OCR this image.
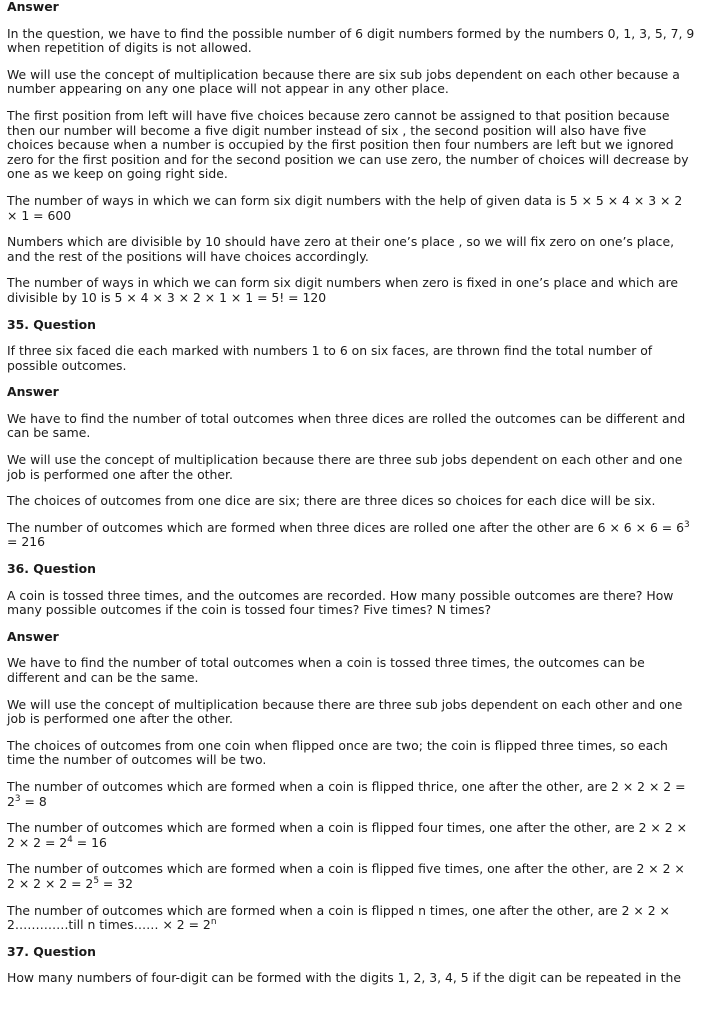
Answer
In the question, we have to find the possible number of 6 digit numbers formed by the numbers 0, 1, 3, 5, 7, 9 when repetition of digits is not allowed.
We will use the concept of multiplication because there are six sub jobs dependent on each other because a number appearing on any one place will not appear in any other place.
The first position from left will have five choices because zero cannot be assigned to that position because then our number will become a five digit number instead of six , the second position will also have five choices because when a number is occupied by the first position then four numbers are left but we ignored zero for the first position and for the second position we can use zero, the number of choices will decrease by one as we keep on going right side.
The number of ways in which we can form six digit numbers with the help of given data is 5 × 5 × 4 × 3 × 2 × 1 = 600
Numbers which are divisible by 10 should have zero at their one’s place , so we will fix zero on one’s place, and the rest of the positions will have choices accordingly.
The number of ways in which we can form six digit numbers when zero is fixed in one’s place and which are divisible by 10 is 5 × 4 × 3 × 2 × 1 × 1 = 5! = 120
35. Question
If three six faced die each marked with numbers 1 to 6 on six faces, are thrown find the total number of possible outcomes.
Answer
We have to find the number of total outcomes when three dices are rolled the outcomes can be different and can be same.
We will use the concept of multiplication because there are three sub jobs dependent on each other and one job is performed one after the other.
The choices of outcomes from one dice are six; there are three dices so choices for each dice will be six.
The number of outcomes which are formed when three dices are rolled one after the other are $6 \times 6 \times 6 = 6^3 = 216$
36. Question
A coin is tossed three times, and the outcomes are recorded. How many possible outcomes are there? How many possible outcomes if the coin is tossed four times? Five times? N times?
Answer
We have to find the number of total outcomes when a coin is tossed three times, the outcomes can be different and can be the same.
We will use the concept of multiplication because there are three sub jobs dependent on each other and one job is performed one after the other.
The choices of outcomes from one coin when flipped once are two; the coin is flipped three times, so each time the number of outcomes will be two.
The number of outcomes which are formed when a coin is flipped thrice, one after the other, are $2 \times 2 \times 2 = 2^3 = 8$
The number of outcomes which are formed when a coin is flipped four times, one after the other, are $2 \times 2 \times 2 \times 2 = 2^4 = 16$
The number of outcomes which are formed when a coin is flipped five times, one after the other, are $2 \times 2 \times 2 \times 2 \times 2 = 2^5 = 32$
The number of outcomes which are formed when a coin is flipped n times, one after the other, are 2 × 2 × 2………….till n times…… × $2 = 2^n$
37. Question
How many numbers of four-digit can be formed with the digits 1, 2, 3, 4, 5 if the digit can be repeated in the
